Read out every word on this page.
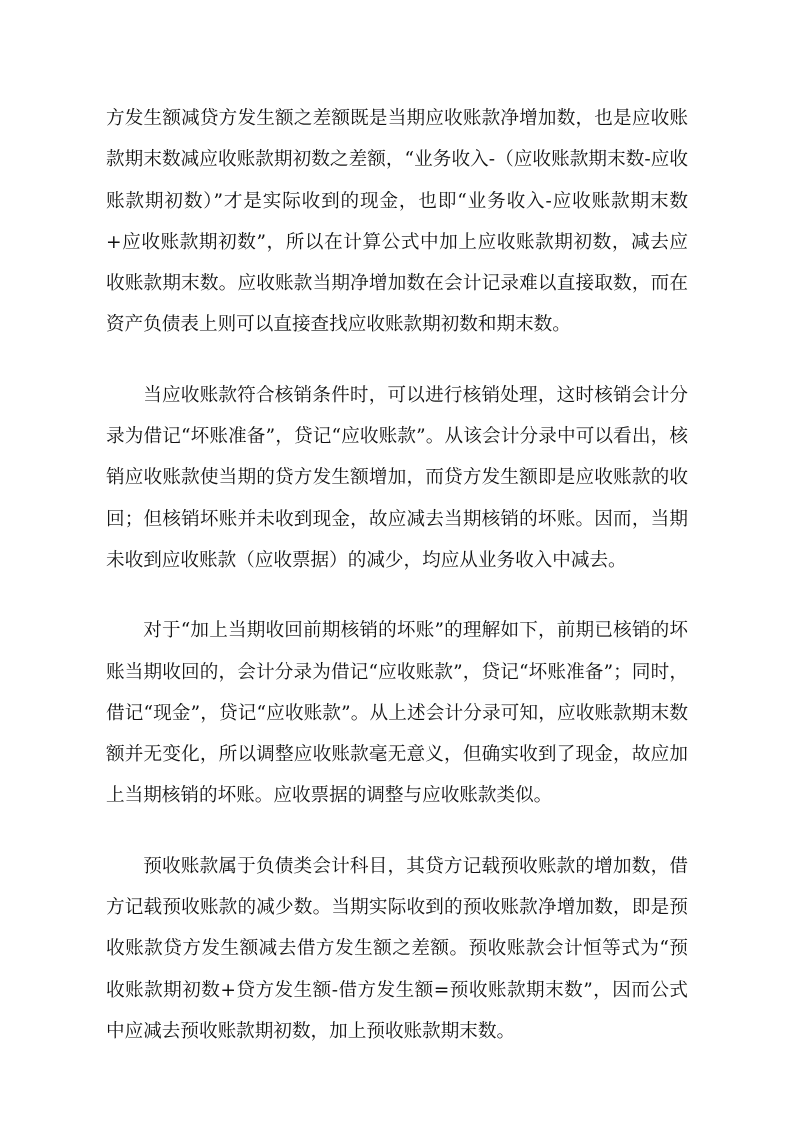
方发生额减贷方发生额之差额既是当期应收账款净增加数，也是应收账款期末数减应收账款期初数之差额，“业务收入-（应收账款期末数-应收账款期初数）”才是实际收到的现金，也即“业务收入-应收账款期末数+应收账款期初数”，所以在计算公式中加上应收账款期初数，减去应收账款期末数。应收账款当期净增加数在会计记录难以直接取数，而在资产负债表上则可以直接查找应收账款期初数和期末数。

当应收账款符合核销条件时，可以进行核销处理，这时核销会计分录为借记“坏账准备”，贷记“应收账款”。从该会计分录中可以看出，核销应收账款使当期的贷方发生额增加，而贷方发生额即是应收账款的收回；但核销坏账并未收到现金，故应减去当期核销的坏账。因而，当期未收到应收账款（应收票据）的减少，均应从业务收入中减去。

对于“加上当期收回前期核销的坏账”的理解如下，前期已核销的坏账当期收回的，会计分录为借记“应收账款”，贷记“坏账准备”；同时，借记“现金”，贷记“应收账款”。从上述会计分录可知，应收账款期末数额并无变化，所以调整应收账款毫无意义，但确实收到了现金，故应加上当期核销的坏账。应收票据的调整与应收账款类似。

预收账款属于负债类会计科目，其贷方记载预收账款的增加数，借方记载预收账款的减少数。当期实际收到的预收账款净增加数，即是预收账款贷方发生额减去借方发生额之差额。预收账款会计恒等式为“预收账款期初数+贷方发生额-借方发生额=预收账款期末数”，因而公式中应减去预收账款期初数，加上预收账款期末数。
